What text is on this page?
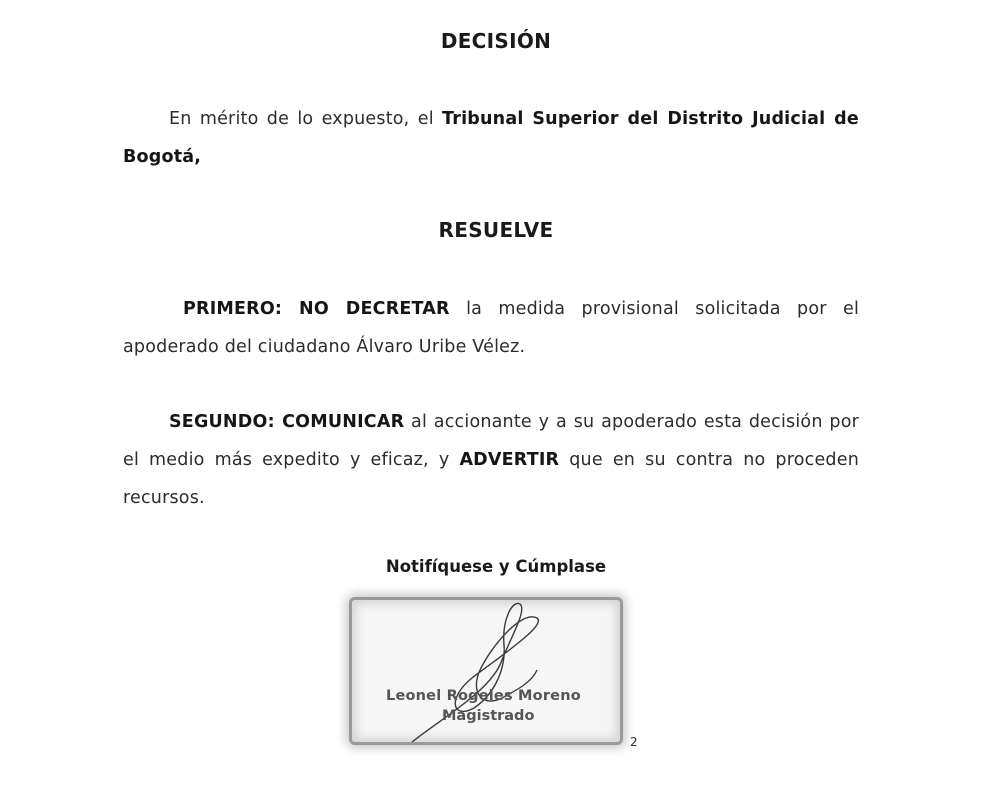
DECISIÓN
En mérito de lo expuesto, el Tribunal Superior del Distrito Judicial de Bogotá,
RESUELVE
PRIMERO: NO DECRETAR la medida provisional solicitada por el apoderado del ciudadano Álvaro Uribe Vélez.
SEGUNDO: COMUNICAR al accionante y a su apoderado esta decisión por el medio más expedito y eficaz, y ADVERTIR que en su contra no proceden recursos.
Notifíquese y Cúmplase
Leonel Rogeles Moreno
Magistrado
2
